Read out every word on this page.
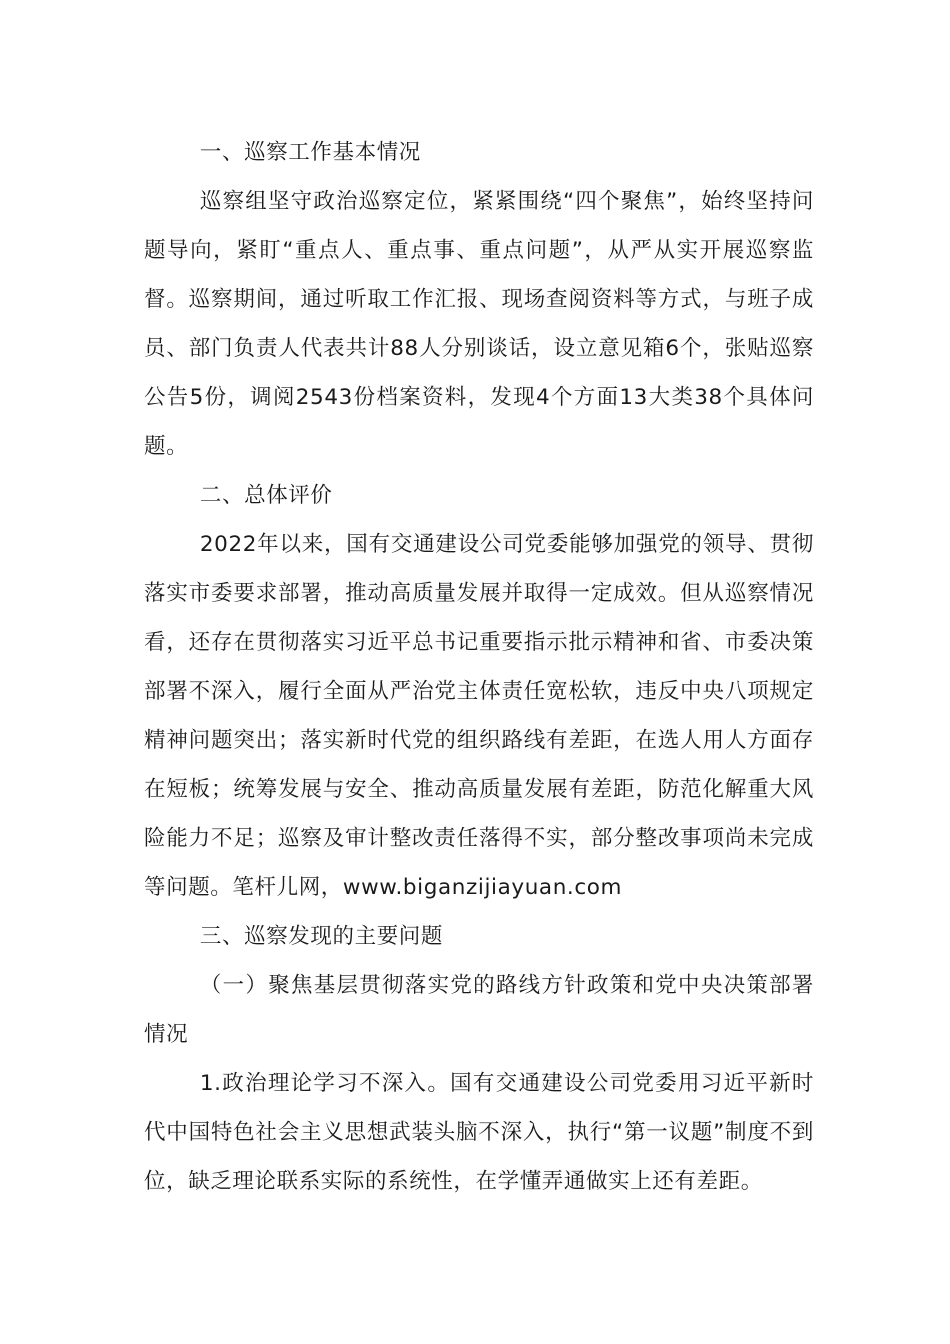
一、巡察工作基本情况

巡察组坚守政治巡察定位，紧紧围绕“四个聚焦”，始终坚持问题导向，紧盯“重点人、重点事、重点问题”，从严从实开展巡察监督。巡察期间，通过听取工作汇报、现场查阅资料等方式，与班子成员、部门负责人代表共计88人分别谈话，设立意见箱6个，张贴巡察公告5份，调阅2543份档案资料，发现4个方面13大类38个具体问题。

二、总体评价

2022年以来，国有交通建设公司党委能够加强党的领导、贯彻落实市委要求部署，推动高质量发展并取得一定成效。但从巡察情况看，还存在贯彻落实习近平总书记重要指示批示精神和省、市委决策部署不深入，履行全面从严治党主体责任宽松软，违反中央八项规定精神问题突出；落实新时代党的组织路线有差距，在选人用人方面存在短板；统筹发展与安全、推动高质量发展有差距，防范化解重大风险能力不足；巡察及审计整改责任落得不实，部分整改事项尚未完成等问题。笔杆儿网，www.biganzijiayuan.com

三、巡察发现的主要问题

（一）聚焦基层贯彻落实党的路线方针政策和党中央决策部署情况

1.政治理论学习不深入。国有交通建设公司党委用习近平新时代中国特色社会主义思想武装头脑不深入，执行“第一议题”制度不到位，缺乏理论联系实际的系统性，在学懂弄通做实上还有差距。
